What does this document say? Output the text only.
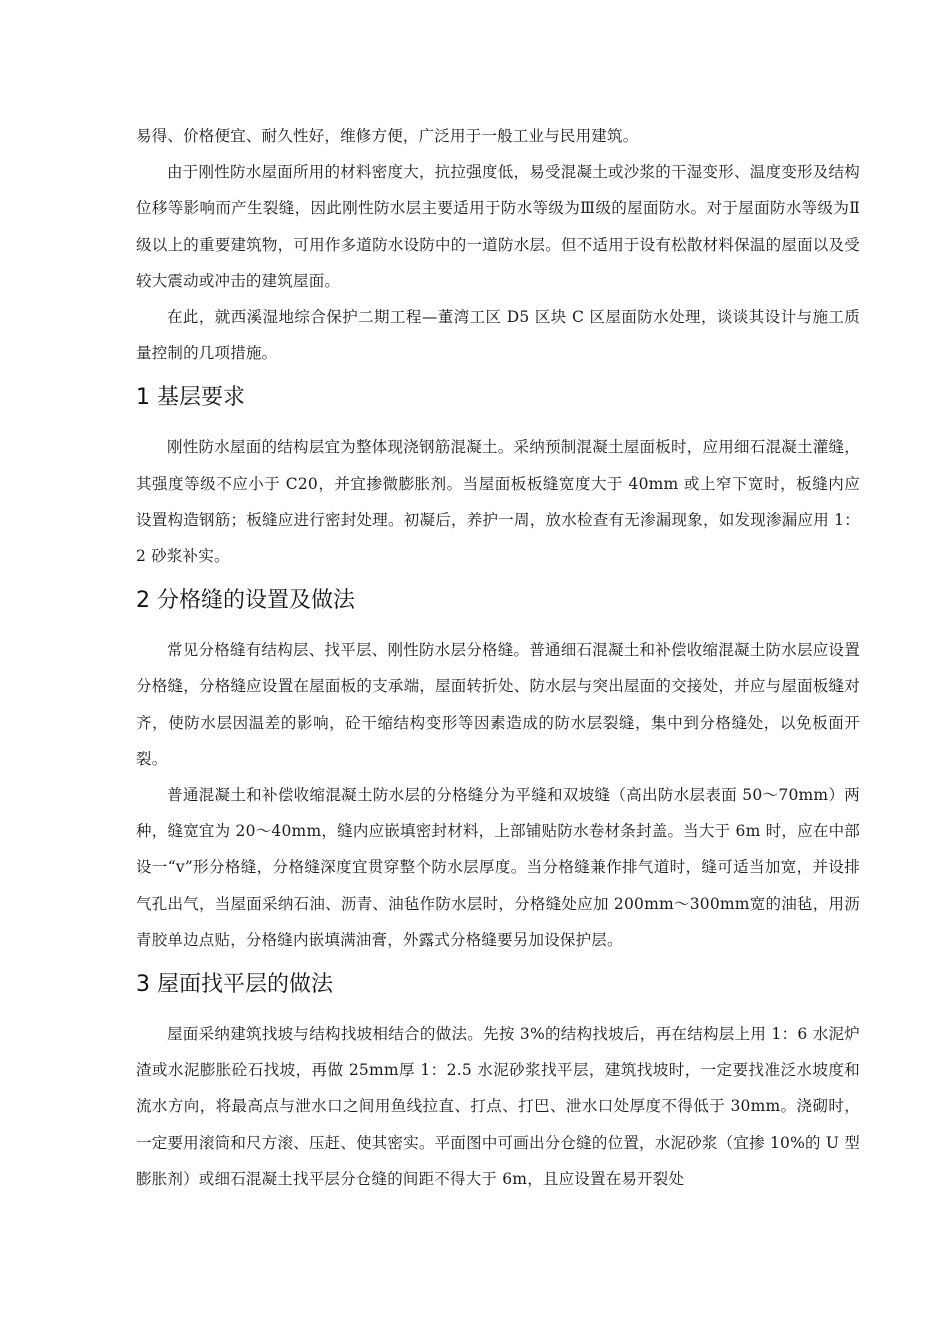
易得、价格便宜、耐久性好，维修方便，广泛用于一般工业与民用建筑。

由于刚性防水屋面所用的材料密度大，抗拉强度低，易受混凝土或沙浆的干湿变形、温度变形及结构位移等影响而产生裂缝，因此刚性防水层主要适用于防水等级为Ⅲ级的屋面防水。对于屋面防水等级为Ⅱ级以上的重要建筑物，可用作多道防水设防中的一道防水层。但不适用于设有松散材料保温的屋面以及受较大震动或冲击的建筑屋面。

在此，就西溪湿地综合保护二期工程—董湾工区 D5 区块 C 区屋面防水处理，谈谈其设计与施工质量控制的几项措施。

1 基层要求

刚性防水屋面的结构层宜为整体现浇钢筋混凝土。采纳预制混凝土屋面板时，应用细石混凝土灌缝，其强度等级不应小于 C20，并宜掺微膨胀剂。当屋面板板缝宽度大于 40mm 或上窄下宽时，板缝内应设置构造钢筋；板缝应进行密封处理。初凝后，养护一周，放水检查有无渗漏现象，如发现渗漏应用 1：2 砂浆补实。

2 分格缝的设置及做法

常见分格缝有结构层、找平层、刚性防水层分格缝。普通细石混凝土和补偿收缩混凝土防水层应设置分格缝，分格缝应设置在屋面板的支承端，屋面转折处、防水层与突出屋面的交接处，并应与屋面板缝对齐，使防水层因温差的影响，砼干缩结构变形等因素造成的防水层裂缝，集中到分格缝处，以免板面开裂。

普通混凝土和补偿收缩混凝土防水层的分格缝分为平缝和双坡缝（高出防水层表面 50～70mm）两种，缝宽宜为 20～40mm，缝内应嵌填密封材料，上部铺贴防水卷材条封盖。当大于 6m 时，应在中部设一“v”形分格缝，分格缝深度宜贯穿整个防水层厚度。当分格缝兼作排气道时，缝可适当加宽，并设排气孔出气，当屋面采纳石油、沥青、油毡作防水层时，分格缝处应加 200mm～300mm宽的油毡，用沥青胶单边点贴，分格缝内嵌填满油膏，外露式分格缝要另加设保护层。

3 屋面找平层的做法

屋面采纳建筑找坡与结构找坡相结合的做法。先按 3%的结构找坡后，再在结构层上用 1：6 水泥炉渣或水泥膨胀砼石找坡，再做 25mm厚 1：2.5 水泥砂浆找平层，建筑找坡时，一定要找准泛水坡度和流水方向，将最高点与泄水口之间用鱼线拉直、打点、打巴、泄水口处厚度不得低于 30mm。浇砌时，一定要用滚筒和尺方滚、压赶、使其密实。平面图中可画出分仓缝的位置，水泥砂浆（宜掺 10%的 U 型膨胀剂）或细石混凝土找平层分仓缝的间距不得大于 6m，且应设置在易开裂处
